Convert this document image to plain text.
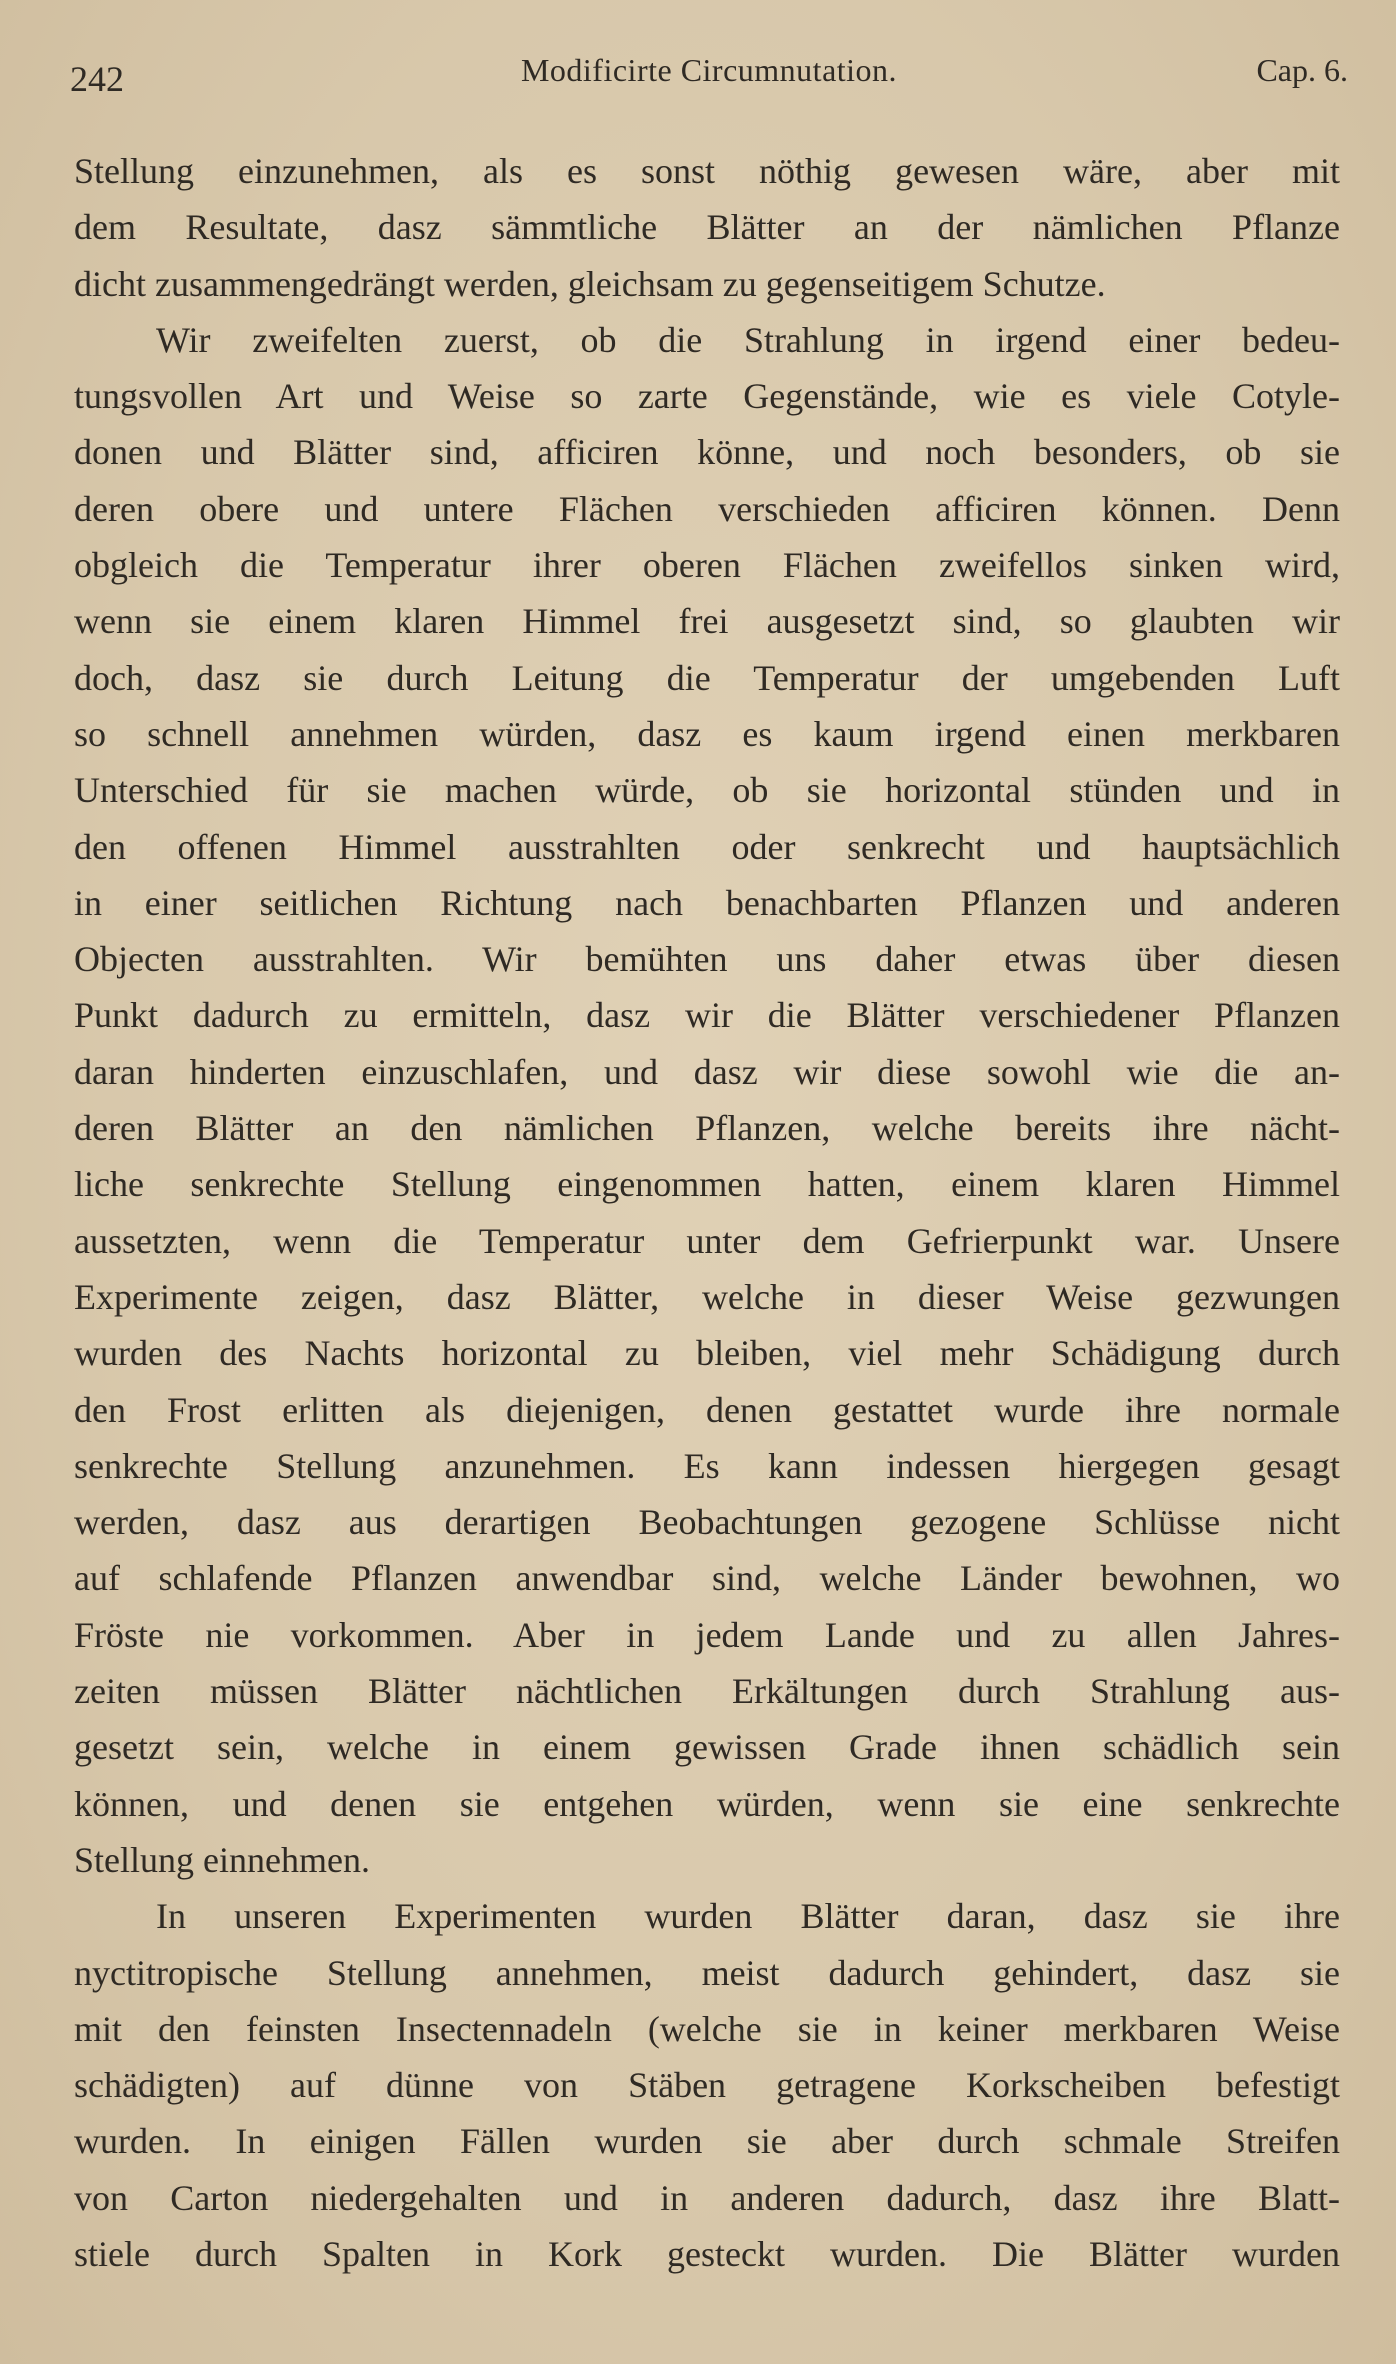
242	Modificirte Circumnutation.	Cap. 6.
Stellung einzunehmen, als es sonst nöthig gewesen wäre, aber mit
dem Resultate, dasz sämmtliche Blätter an der nämlichen Pflanze
dicht zusammengedrängt werden, gleichsam zu gegenseitigem Schutze.
Wir zweifelten zuerst, ob die Strahlung in irgend einer bedeu-
tungsvollen Art und Weise so zarte Gegenstände, wie es viele Cotyle-
donen und Blätter sind, afficiren könne, und noch besonders, ob sie
deren obere und untere Flächen verschieden afficiren können. Denn
obgleich die Temperatur ihrer oberen Flächen zweifellos sinken wird,
wenn sie einem klaren Himmel frei ausgesetzt sind, so glaubten wir
doch, dasz sie durch Leitung die Temperatur der umgebenden Luft
so schnell annehmen würden, dasz es kaum irgend einen merkbaren
Unterschied für sie machen würde, ob sie horizontal stünden und in
den offenen Himmel ausstrahlten oder senkrecht und hauptsächlich
in einer seitlichen Richtung nach benachbarten Pflanzen und anderen
Objecten ausstrahlten. Wir bemühten uns daher etwas über diesen
Punkt dadurch zu ermitteln, dasz wir die Blätter verschiedener Pflanzen
daran hinderten einzuschlafen, und dasz wir diese sowohl wie die an-
deren Blätter an den nämlichen Pflanzen, welche bereits ihre nächt-
liche senkrechte Stellung eingenommen hatten, einem klaren Himmel
aussetzten, wenn die Temperatur unter dem Gefrierpunkt war. Unsere
Experimente zeigen, dasz Blätter, welche in dieser Weise gezwungen
wurden des Nachts horizontal zu bleiben, viel mehr Schädigung durch
den Frost erlitten als diejenigen, denen gestattet wurde ihre normale
senkrechte Stellung anzunehmen. Es kann indessen hiergegen gesagt
werden, dasz aus derartigen Beobachtungen gezogene Schlüsse nicht
auf schlafende Pflanzen anwendbar sind, welche Länder bewohnen, wo
Fröste nie vorkommen. Aber in jedem Lande und zu allen Jahres-
zeiten müssen Blätter nächtlichen Erkältungen durch Strahlung aus-
gesetzt sein, welche in einem gewissen Grade ihnen schädlich sein
können, und denen sie entgehen würden, wenn sie eine senkrechte
Stellung einnehmen.
In unseren Experimenten wurden Blätter daran, dasz sie ihre
nyctitropische Stellung annehmen, meist dadurch gehindert, dasz sie
mit den feinsten Insectennadeln (welche sie in keiner merkbaren Weise
schädigten) auf dünne von Stäben getragene Korkscheiben befestigt
wurden. In einigen Fällen wurden sie aber durch schmale Streifen
von Carton niedergehalten und in anderen dadurch, dasz ihre Blatt-
stiele durch Spalten in Kork gesteckt wurden. Die Blätter wurden
